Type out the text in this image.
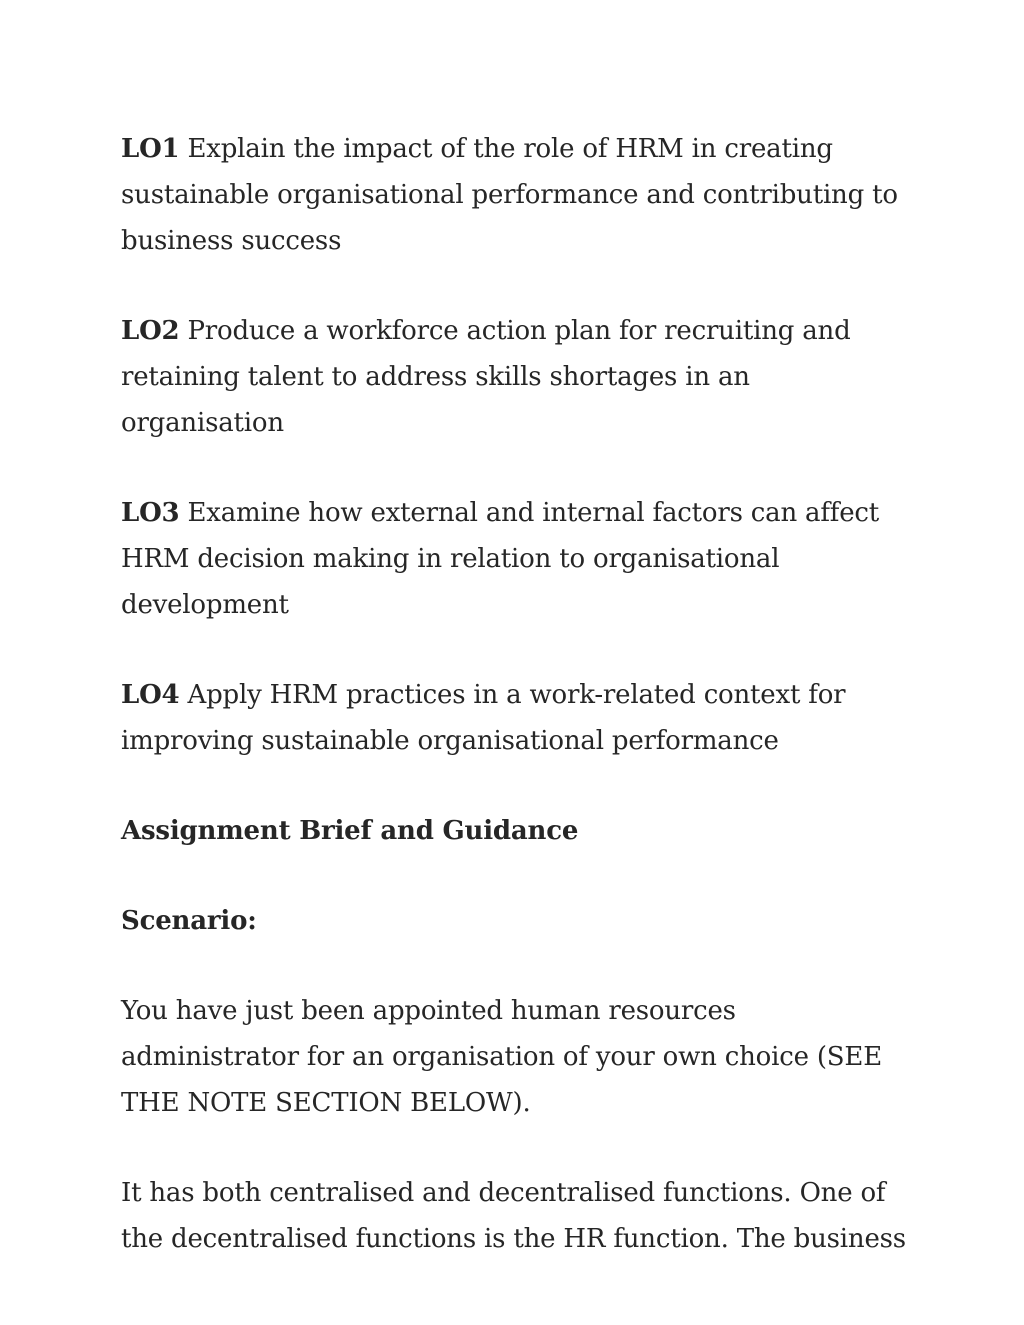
LO1 Explain the impact of the role of HRM in creating sustainable organisational performance and contributing to business success

LO2 Produce a workforce action plan for recruiting and retaining talent to address skills shortages in an organisation

LO3 Examine how external and internal factors can affect HRM decision making in relation to organisational development

LO4 Apply HRM practices in a work-related context for improving sustainable organisational performance

Assignment Brief and Guidance

Scenario:

You have just been appointed human resources administrator for an organisation of your own choice (SEE THE NOTE SECTION BELOW).

It has both centralised and decentralised functions. One of the decentralised functions is the HR function. The business
